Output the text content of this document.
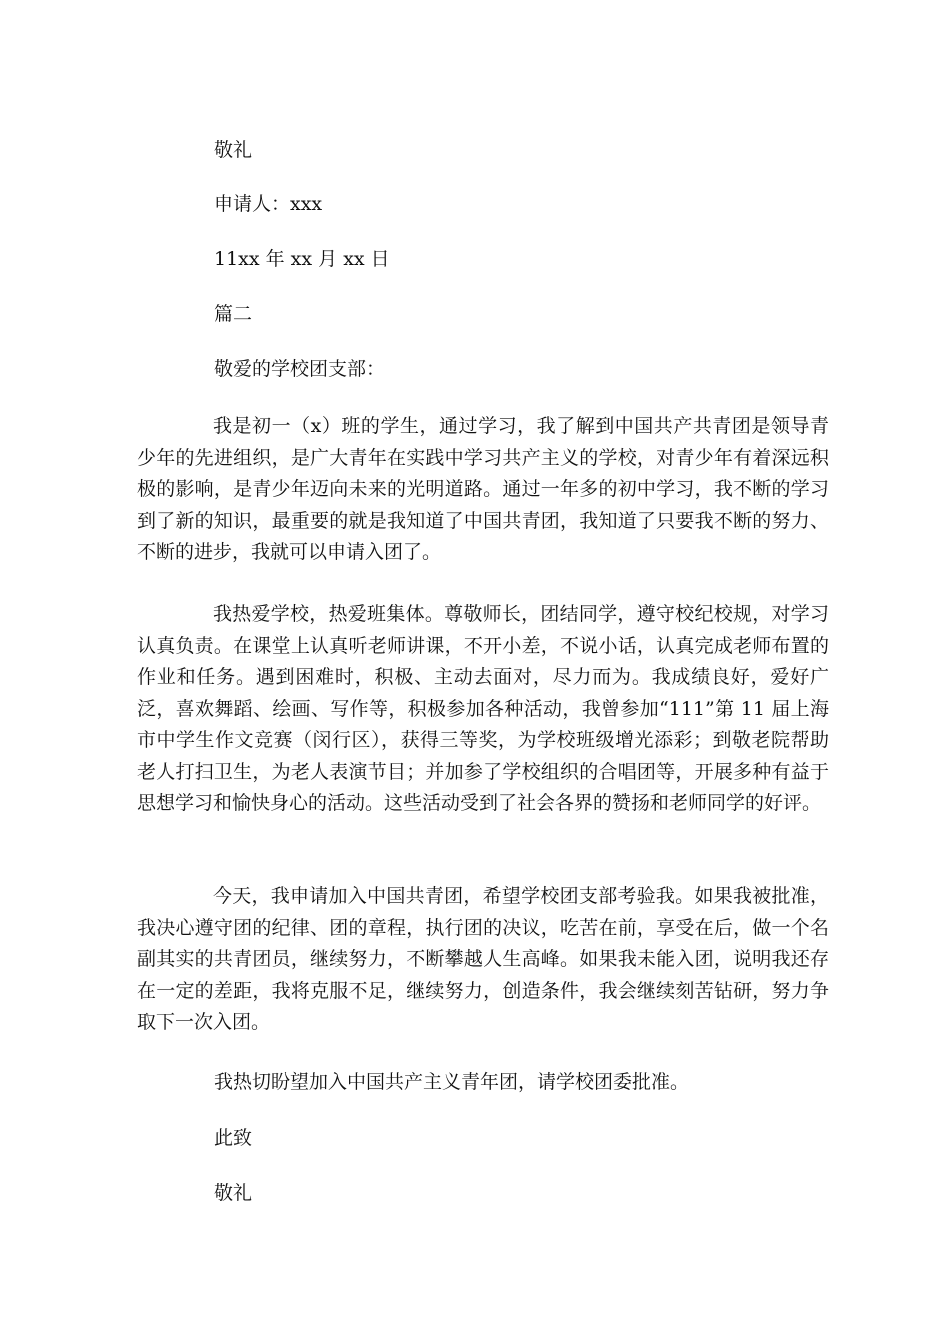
敬礼
申请人：xxx
11xx 年 xx 月 xx 日
篇二
敬爱的学校团支部：
我是初一（x）班的学生，通过学习，我了解到中国共产共青团是领导青少年的先进组织，是广大青年在实践中学习共产主义的学校，对青少年有着深远积极的影响，是青少年迈向未来的光明道路。通过一年多的初中学习，我不断的学习到了新的知识，最重要的就是我知道了中国共青团，我知道了只要我不断的努力、不断的进步，我就可以申请入团了。
我热爱学校，热爱班集体。尊敬师长，团结同学，遵守校纪校规，对学习认真负责。在课堂上认真听老师讲课，不开小差，不说小话，认真完成老师布置的作业和任务。遇到困难时，积极、主动去面对，尽力而为。我成绩良好，爱好广泛，喜欢舞蹈、绘画、写作等，积极参加各种活动，我曾参加“111”第 11 届上海市中学生作文竞赛（闵行区），获得三等奖，为学校班级增光添彩；到敬老院帮助老人打扫卫生，为老人表演节目；并加参了学校组织的合唱团等，开展多种有益于思想学习和愉快身心的活动。这些活动受到了社会各界的赞扬和老师同学的好评。
今天，我申请加入中国共青团，希望学校团支部考验我。如果我被批准，我决心遵守团的纪律、团的章程，执行团的决议，吃苦在前，享受在后，做一个名副其实的共青团员，继续努力，不断攀越人生高峰。如果我未能入团，说明我还存在一定的差距，我将克服不足，继续努力，创造条件，我会继续刻苦钻研，努力争取下一次入团。
我热切盼望加入中国共产主义青年团，请学校团委批准。
此致
敬礼
